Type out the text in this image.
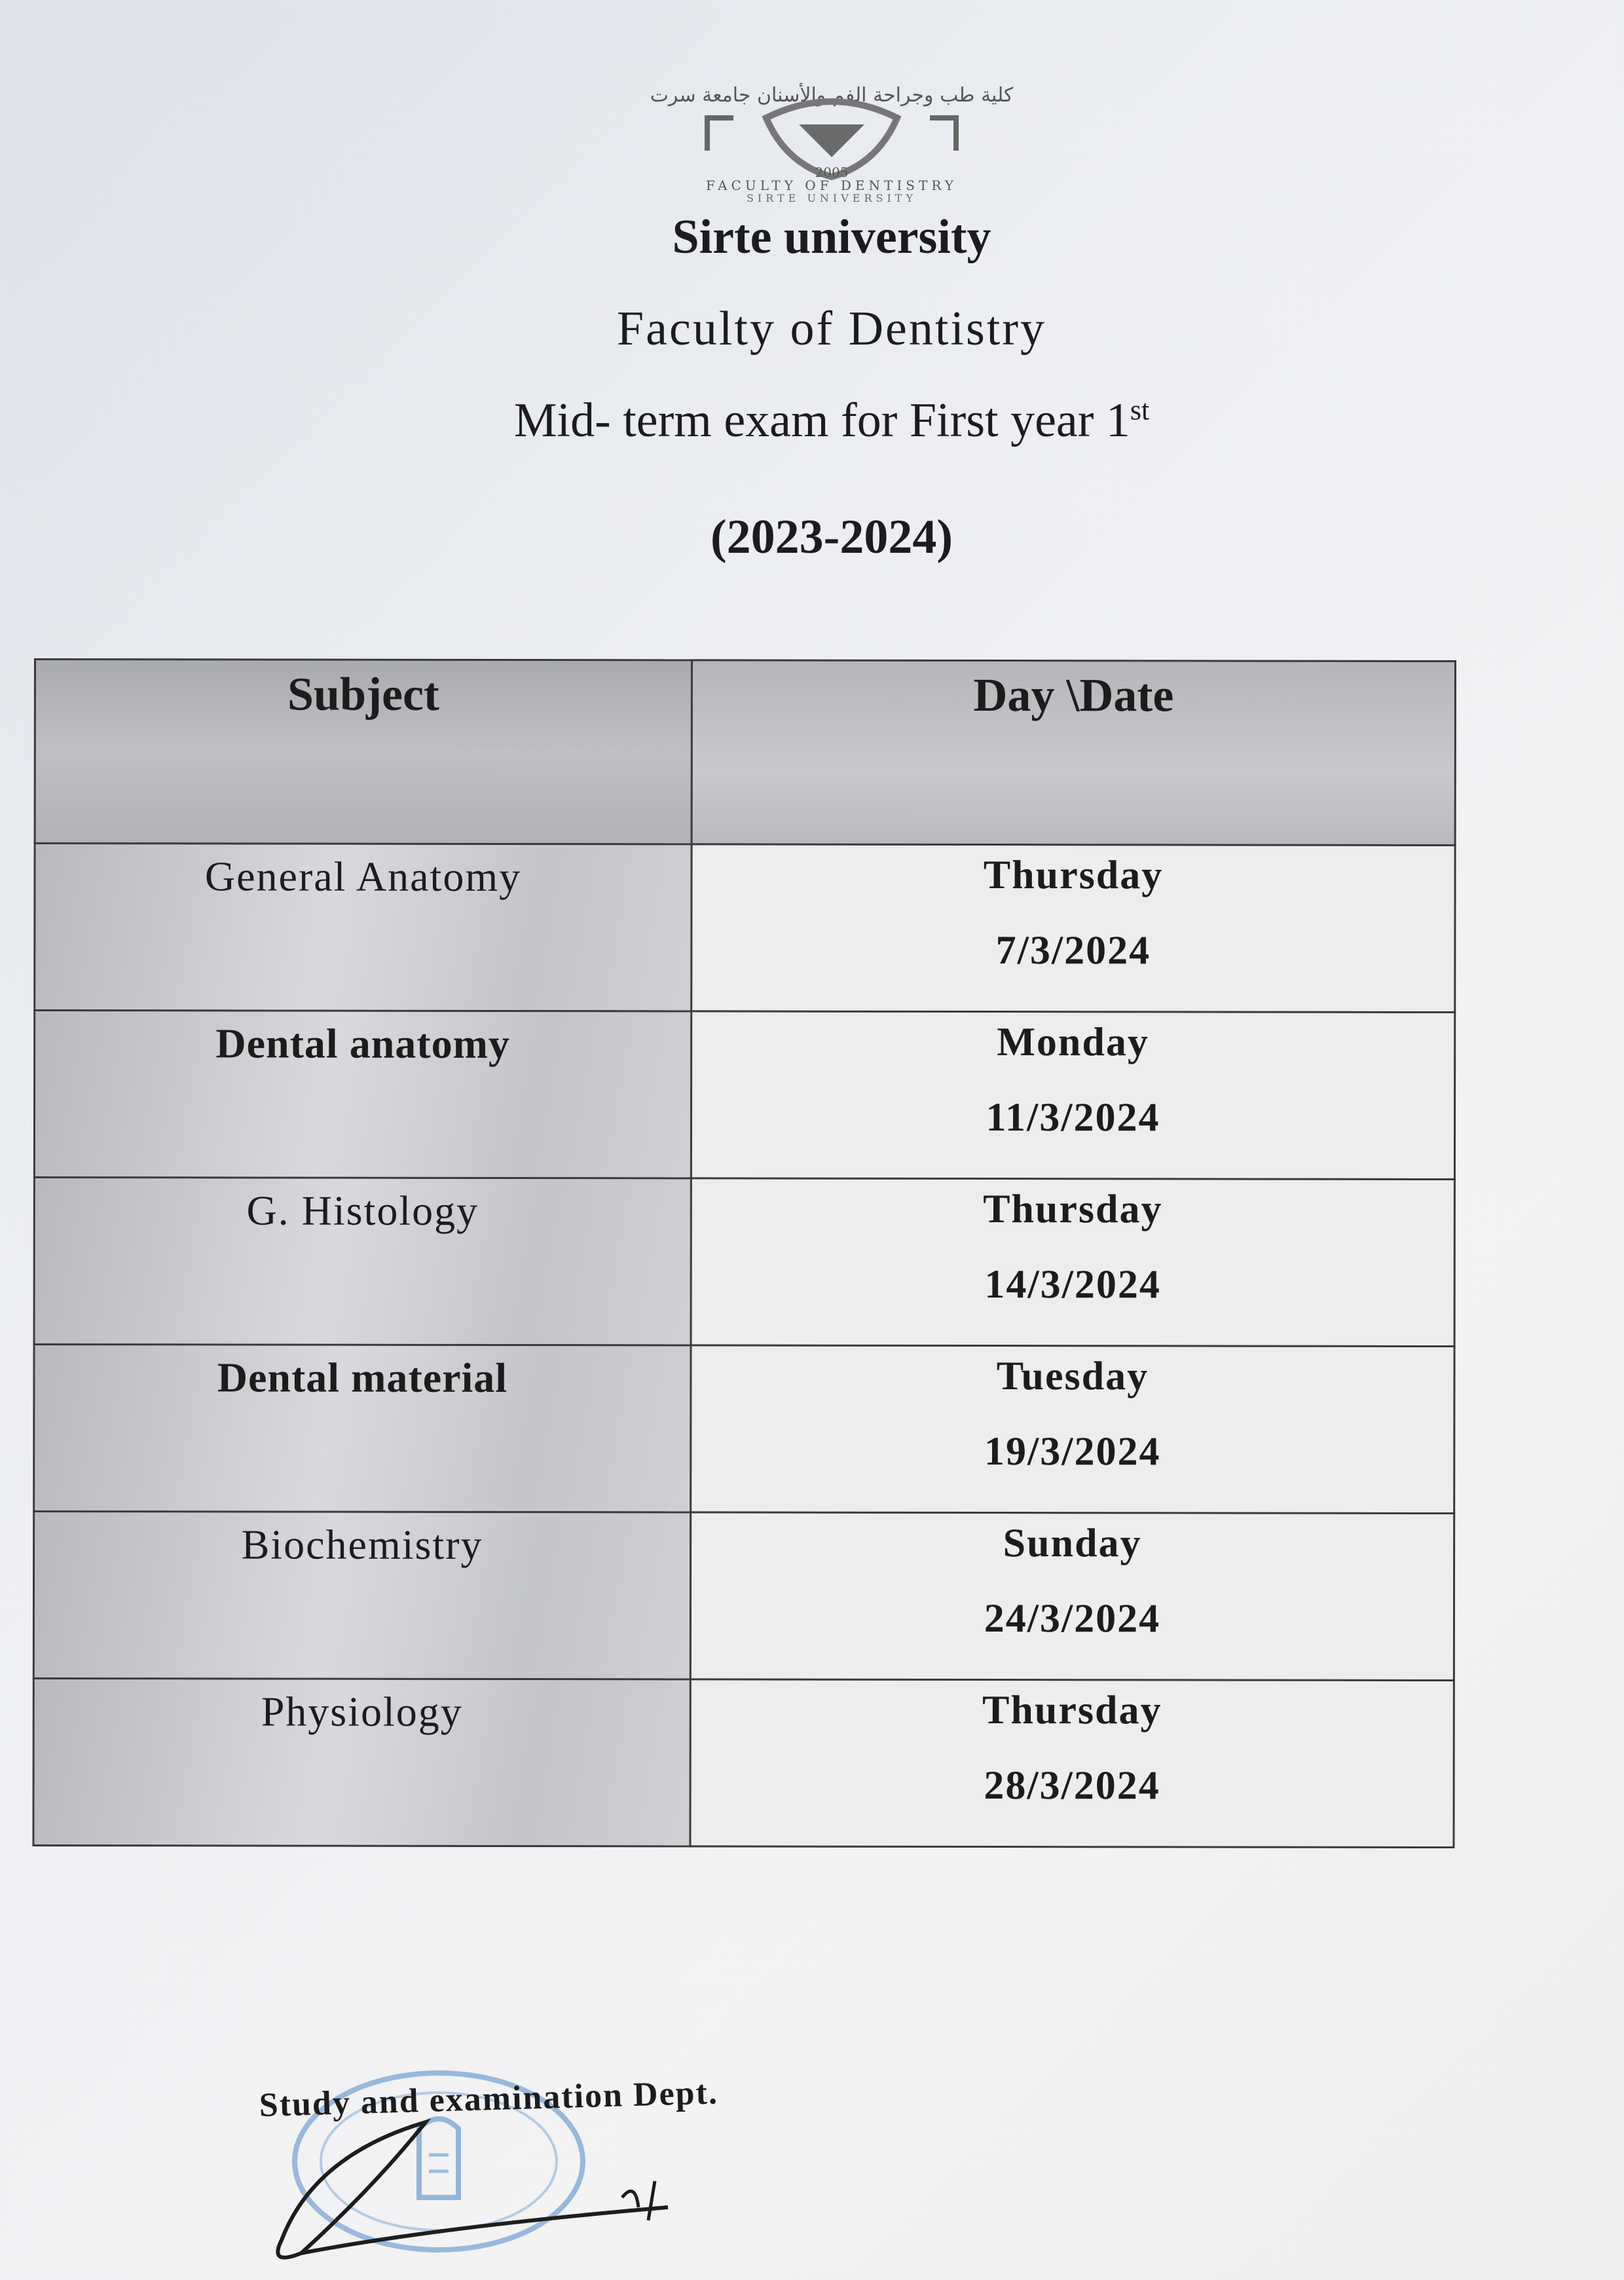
كلية طب وجراحة الفم والأسنان جامعة سرت
2005
FACULTY OF DENTISTRY
SIRTE UNIVERSITY
Sirte university
Faculty of Dentistry
Mid- term exam for First year 1st
(2023-2024)
Subject	Day \Date
General Anatomy	Thursday
7/3/2024

Dental anatomy	Monday
11/3/2024

G. Histology	Thursday
14/3/2024

Dental material	Tuesday
19/3/2024

Biochemistry	Sunday
24/3/2024

Physiology	Thursday
28/3/2024
Study and examination Dept.
